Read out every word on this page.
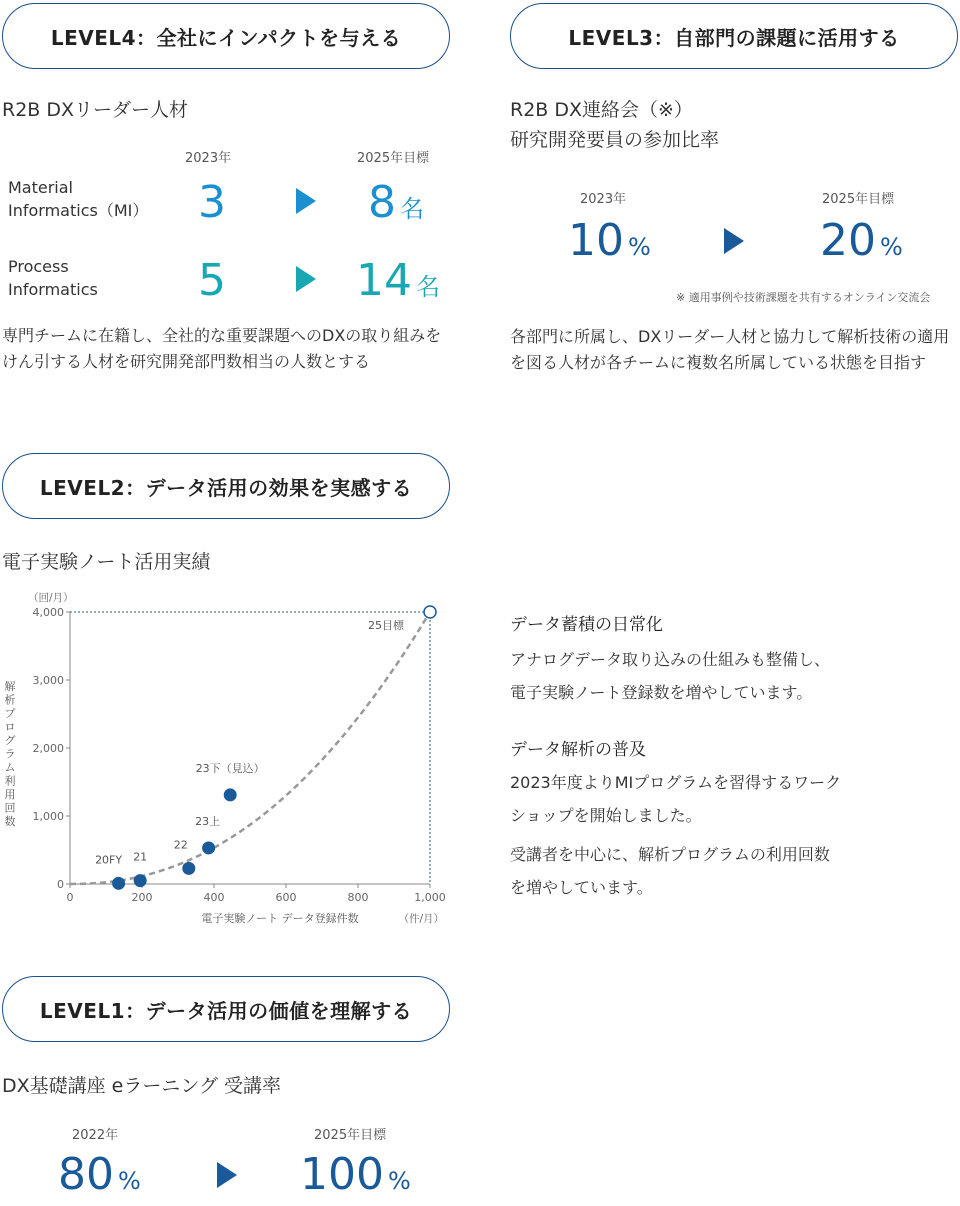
LEVEL4：全社にインパクトを与える
R2B DXリーダー人材
2023年	2025年目標
Material
Informatics（MI） 3	8 名
Process
Informatics 5	14 名
専門チームに在籍し、全社的な重要課題へのDXの取り組みをけん引する人材を研究開発部門数相当の人数とする
LEVEL3：自部門の課題に活用する
R2B DX連絡会（※）
研究開発要員の参加比率
2023年	2025年目標
10 %	20 %
※ 適用事例や技術課題を共有するオンライン交流会
各部門に所属し、DXリーダー人材と協力して解析技術の適用を図る人材が各チームに複数名所属している状態を目指す
LEVEL2：データ活用の効果を実感する
電子実験ノート活用実績
0
1,000
2,000
3,000
4,000
0	200	400	600	800	1,000
（回/月）
（件/月）
電子実験ノート データ登録件数
解析プログラム利用回数
25目標
20FY 21
22
23上
23下（見込）
データ蓄積の日常化
アナログデータ取り込みの仕組みも整備し、
電子実験ノート登録数を増やしています。
データ解析の普及
2023年度よりMIプログラムを習得するワーク
ショップを開始しました。
受講者を中心に、解析プログラムの利用回数
を増やしています。
LEVEL1：データ活用の価値を理解する
DX基礎講座 eラーニング 受講率
2022年	2025年目標
80 %	100 %
